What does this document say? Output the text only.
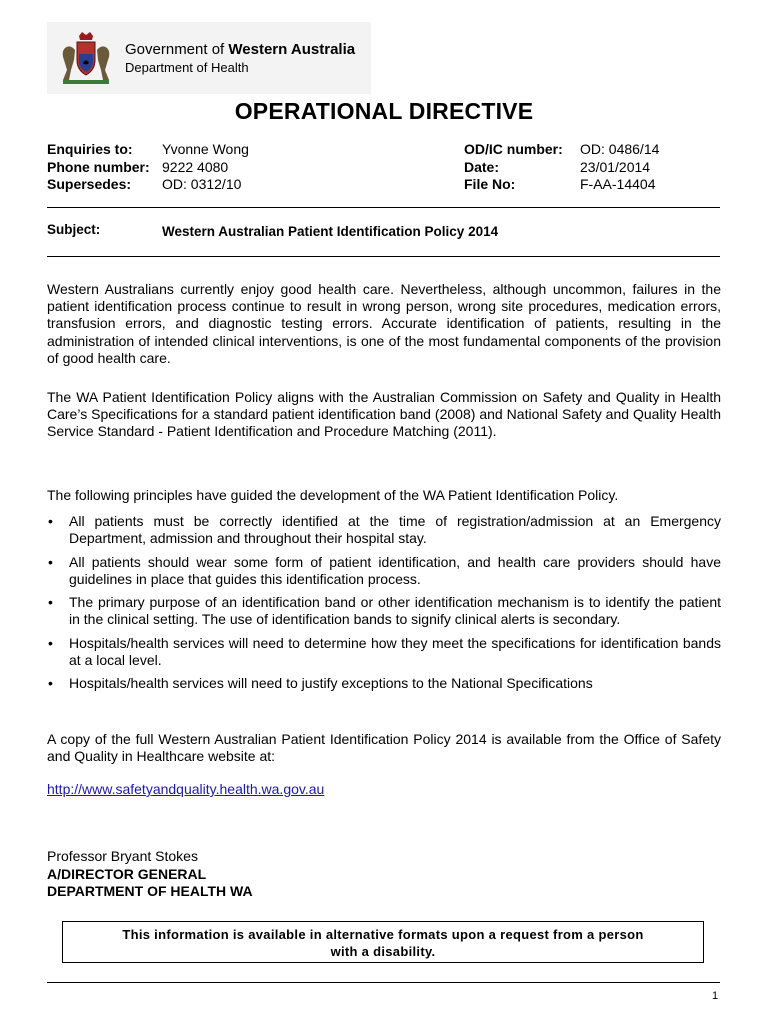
Government of Western Australia
Department of Health
OPERATIONAL DIRECTIVE
Enquiries to: Yvonne Wong
Phone number: 9222 4080
Supersedes: OD: 0312/10
OD/IC number: OD: 0486/14
Date:	23/01/2014
File No:	F-AA-14404
Subject:	Western Australian Patient Identification Policy 2014

Western Australians currently enjoy good health care. Nevertheless, although uncommon, failures in the patient identification process continue to result in wrong person, wrong site procedures, medication errors, transfusion errors, and diagnostic testing errors. Accurate identification of patients, resulting in the administration of intended clinical interventions, is one of the most fundamental components of the provision of good health care.

The WA Patient Identification Policy aligns with the Australian Commission on Safety and Quality in Health Care’s Specifications for a standard patient identification band (2008) and National Safety and Quality Health Service Standard - Patient Identification and Procedure Matching (2011).

The following principles have guided the development of the WA Patient Identification Policy.

• All patients must be correctly identified at the time of registration/admission at an Emergency Department, admission and throughout their hospital stay.
• All patients should wear some form of patient identification, and health care providers should have guidelines in place that guides this identification process.
• The primary purpose of an identification band or other identification mechanism is to identify the patient in the clinical setting. The use of identification bands to signify clinical alerts is secondary.
• Hospitals/health services will need to determine how they meet the specifications for identification bands at a local level.
• Hospitals/health services will need to justify exceptions to the National Specifications

A copy of the full Western Australian Patient Identification Policy 2014 is available from the Office of Safety and Quality in Healthcare website at:

http://www.safetyandquality.health.wa.gov.au
Professor Bryant Stokes
A/DIRECTOR GENERAL
DEPARTMENT OF HEALTH WA
This information is available in alternative formats upon a request from a person
with a disability.
1
